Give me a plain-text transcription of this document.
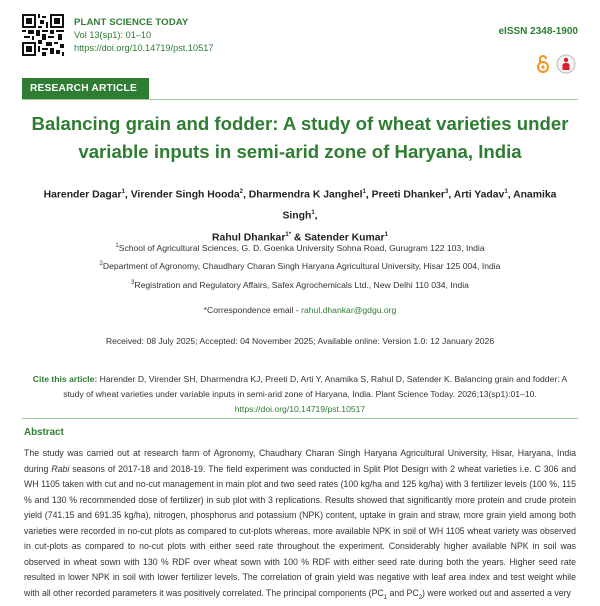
PLANT SCIENCE TODAY
Vol 13(sp1): 01–10
https://doi.org/10.14719/pst.10517
eISSN 2348-1900
RESEARCH ARTICLE
Balancing grain and fodder: A study of wheat varieties under variable inputs in semi-arid zone of Haryana, India
Harender Dagar$^1$, Virender Singh Hooda$^2$, Dharmendra K Janghel$^1$, Preeti Dhanker$^3$, Arti Yadav$^1$, Anamika Singh$^1$,
Rahul Dhankar$^{1*}$ & Satender Kumar$^1$
$^1$School of Agricultural Sciences, G. D. Goenka University Sohna Road, Gurugram 122 103, India
$^2$Department of Agronomy, Chaudhary Charan Singh Haryana Agricultural University, Hisar 125 004, India
$^3$Registration and Regulatory Affairs, Safex Agrochemicals Ltd., New Delhi 110 034, India
*Correspondence email - rahul.dhankar@gdgu.org
Received: 08 July 2025; Accepted: 04 November 2025; Available online: Version 1.0: 12 January 2026
Cite this article: Harender D, Virender SH, Dharmendra KJ, Preeti D, Arti Y, Anamika S, Rahul D, Satender K. Balancing grain and fodder: A study of wheat varieties under variable inputs in semi-arid zone of Haryana, India. Plant Science Today. 2026;13(sp1):01–10. https://doi.org/10.14719/pst.10517
Abstract

The study was carried out at research farm of Agronomy, Chaudhary Charan Singh Haryana Agricultural University, Hisar, Haryana, India during Rabi seasons of 2017-18 and 2018-19. The field experiment was conducted in Split Plot Design with 2 wheat varieties i.e. C 306 and WH 1105 taken with cut and no-cut management in main plot and two seed rates (100 kg/ha and 125 kg/ha) with 3 fertilizer levels (100 %, 115 % and 130 % recommended dose of fertilizer) in sub plot with 3 replications. Results showed that significantly more protein and crude protein yield (741.15 and 691.35 kg/ha), nitrogen, phosphorus and potassium (NPK) content, uptake in grain and straw, more grain yield among both varieties were recorded in no-cut plots as compared to cut-plots whereas, more available NPK in soil of WH 1105 wheat variety was observed in cut-plots as compared to no-cut plots with either seed rate throughout the experiment. Considerably higher available NPK in soil was observed in wheat sown with 130 % RDF over wheat sown with 100 % RDF with either seed rate during both the years. Higher seed rate resulted in lower NPK in soil with lower fertilizer levels. The correlation of grain yield was negative with leaf area index and test weight while with all other recorded parameters it was positively correlated. The principal components ($PC_1$ and $PC_2$) were worked out and asserted a very
